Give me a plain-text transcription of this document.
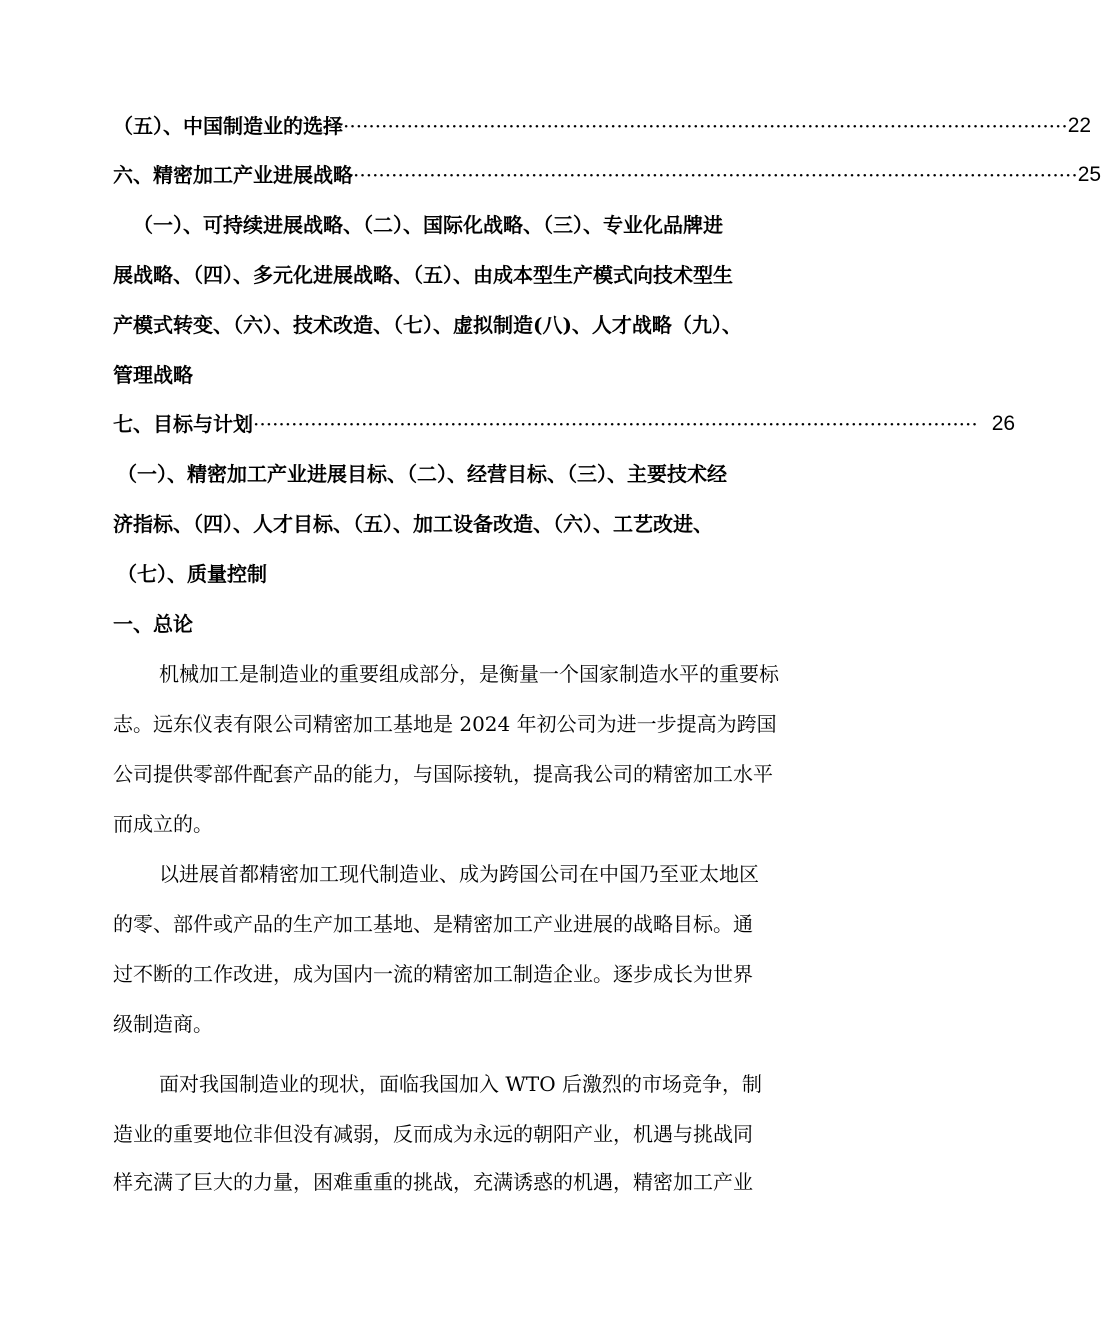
（五）、中国制造业的选择 ·················································································································· 22
六、精密加工产业进展战略 ·················································································································· 25
（一）、可持续进展战略、（二）、国际化战略、（三）、专业化品牌进
展战略、（四）、多元化进展战略、（五）、由成本型生产模式向技术型生
产模式转变、（六）、技术改造、（七）、虚拟制造(八)、人才战略（九）、
管理战略
七、目标与计划 ·················································································································· 26
（一）、精密加工产业进展目标、（二）、经营目标、（三）、主要技术经
济指标、（四）、人才目标、（五）、加工设备改造、（六）、工艺改进、
（七）、质量控制
一、总论
机械加工是制造业的重要组成部分，是衡量一个国家制造水平的重要标
志。远东仪表有限公司精密加工基地是 2024 年初公司为进一步提高为跨国
公司提供零部件配套产品的能力，与国际接轨，提高我公司的精密加工水平
而成立的。
以进展首都精密加工现代制造业、成为跨国公司在中国乃至亚太地区
的零、部件或产品的生产加工基地、是精密加工产业进展的战略目标。通
过不断的工作改进，成为国内一流的精密加工制造企业。逐步成长为世界
级制造商。
面对我国制造业的现状，面临我国加入 WTO 后激烈的市场竞争，制
造业的重要地位非但没有减弱，反而成为永远的朝阳产业，机遇与挑战同
样充满了巨大的力量，困难重重的挑战，充满诱惑的机遇，精密加工产业
